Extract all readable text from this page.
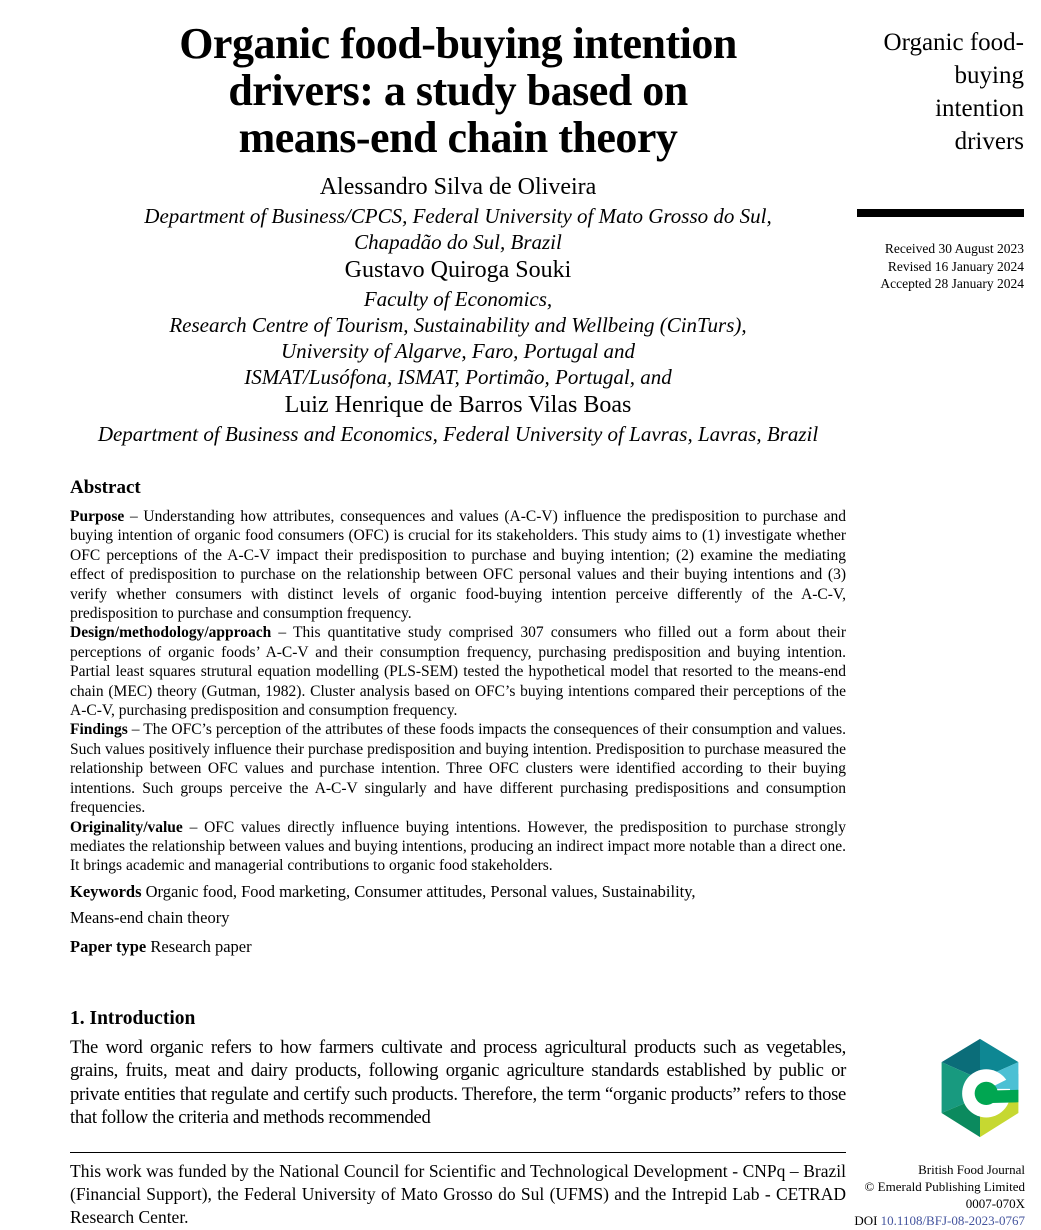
Organic food-buying intention
drivers: a study based on
means-end chain theory
Alessandro Silva de Oliveira
Department of Business/CPCS, Federal University of Mato Grosso do Sul,
Chapadão do Sul, Brazil
Gustavo Quiroga Souki
Faculty of Economics,
Research Centre of Tourism, Sustainability and Wellbeing (CinTurs),
University of Algarve, Faro, Portugal and
ISMAT/Lusófona, ISMAT, Portimão, Portugal, and
Luiz Henrique de Barros Vilas Boas
Department of Business and Economics, Federal University of Lavras, Lavras, Brazil
Abstract

Purpose – Understanding how attributes, consequences and values (A-C-V) influence the predisposition to purchase and buying intention of organic food consumers (OFC) is crucial for its stakeholders. This study aims to (1) investigate whether OFC perceptions of the A-C-V impact their predisposition to purchase and buying intention; (2) examine the mediating effect of predisposition to purchase on the relationship between OFC personal values and their buying intentions and (3) verify whether consumers with distinct levels of organic food-buying intention perceive differently of the A-C-V, predisposition to purchase and consumption frequency.

Design/methodology/approach – This quantitative study comprised 307 consumers who filled out a form about their perceptions of organic foods’ A-C-V and their consumption frequency, purchasing predisposition and buying intention. Partial least squares strutural equation modelling (PLS-SEM) tested the hypothetical model that resorted to the means-end chain (MEC) theory (Gutman, 1982). Cluster analysis based on OFC’s buying intentions compared their perceptions of the A-C-V, purchasing predisposition and consumption frequency.

Findings – The OFC’s perception of the attributes of these foods impacts the consequences of their consumption and values. Such values positively influence their purchase predisposition and buying intention. Predisposition to purchase measured the relationship between OFC values and purchase intention. Three OFC clusters were identified according to their buying intentions. Such groups perceive the A-C-V singularly and have different purchasing predispositions and consumption frequencies.

Originality/value – OFC values directly influence buying intentions. However, the predisposition to purchase strongly mediates the relationship between values and buying intentions, producing an indirect impact more notable than a direct one. It brings academic and managerial contributions to organic food stakeholders.

Keywords Organic food, Food marketing, Consumer attitudes, Personal values, Sustainability,
Means-end chain theory

Paper type Research paper

1. Introduction

The word organic refers to how farmers cultivate and process agricultural products such as vegetables, grains, fruits, meat and dairy products, following organic agriculture standards established by public or private entities that regulate and certify such products. Therefore, the term “organic products” refers to those that follow the criteria and methods recommended

This work was funded by the National Council for Scientific and Technological Development - CNPq – Brazil (Financial Support), the Federal University of Mato Grosso do Sul (UFMS) and the Intrepid Lab - CETRAD Research Center.

Organic food-
buying
intention
drivers
Received 30 August 2023
Revised 16 January 2024
Accepted 28 January 2024
British Food Journal
© Emerald Publishing Limited
0007-070X
DOI 10.1108/BFJ-08-2023-0767
